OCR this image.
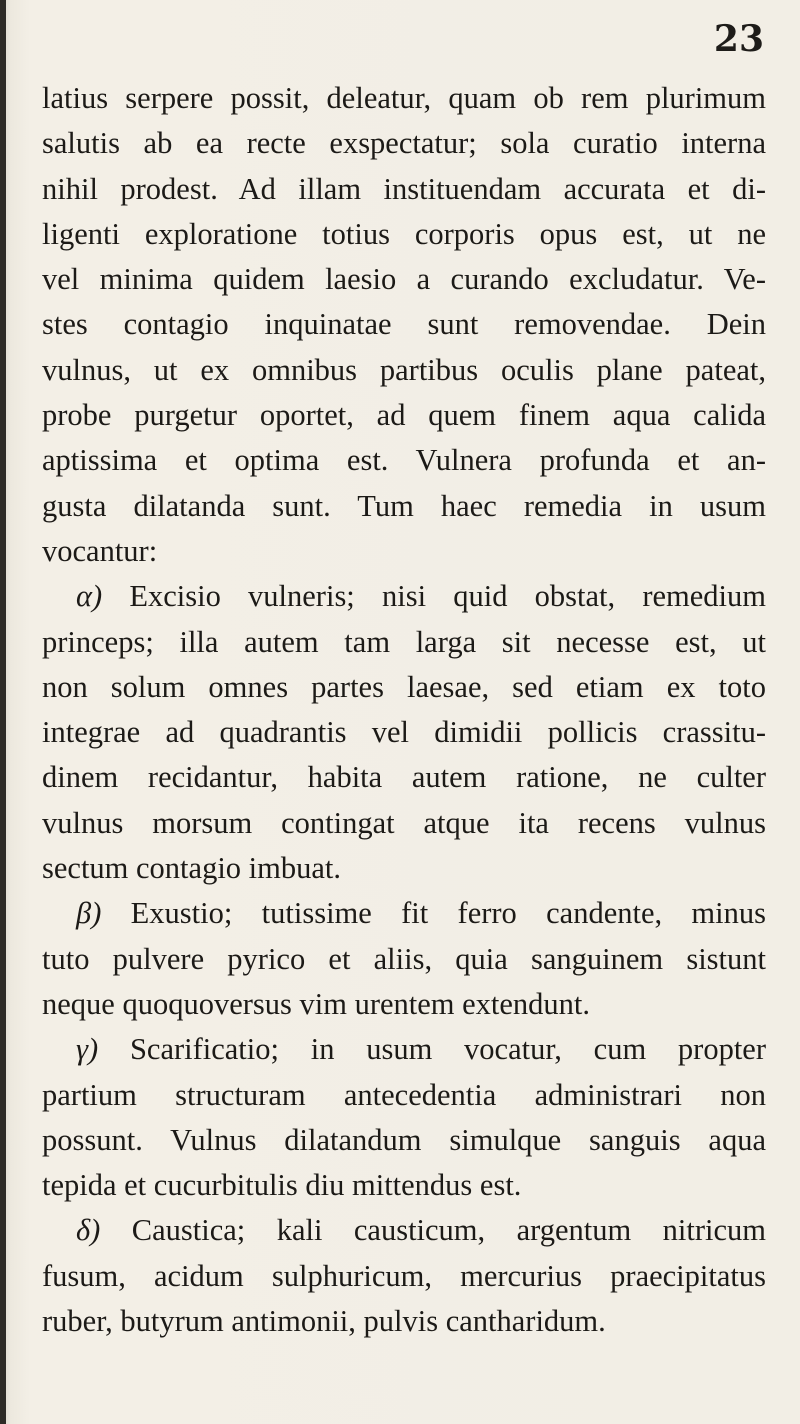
23
latius serpere possit, deleatur, quam ob rem plurimum
salutis ab ea recte exspectatur; sola curatio interna
nihil prodest. Ad illam instituendam accurata et di-
ligenti exploratione totius corporis opus est, ut ne
vel minima quidem laesio a curando excludatur. Ve-
stes contagio inquinatae sunt removendae. Dein
vulnus, ut ex omnibus partibus oculis plane pateat,
probe purgetur oportet, ad quem finem aqua calida
aptissima et optima est. Vulnera profunda et an-
gusta dilatanda sunt. Tum haec remedia in usum
vocantur:
α) Excisio vulneris; nisi quid obstat, remedium
princeps; illa autem tam larga sit necesse est, ut
non solum omnes partes laesae, sed etiam ex toto
integrae ad quadrantis vel dimidii pollicis crassitu-
dinem recidantur, habita autem ratione, ne culter
vulnus morsum contingat atque ita recens vulnus
sectum contagio imbuat.
β) Exustio; tutissime fit ferro candente, minus
tuto pulvere pyrico et aliis, quia sanguinem sistunt
neque quoquoversus vim urentem extendunt.
γ) Scarificatio; in usum vocatur, cum propter
partium structuram antecedentia administrari non
possunt. Vulnus dilatandum simulque sanguis aqua
tepida et cucurbitulis diu mittendus est.
δ) Caustica; kali causticum, argentum nitricum
fusum, acidum sulphuricum, mercurius praecipitatus
ruber, butyrum antimonii, pulvis cantharidum.
